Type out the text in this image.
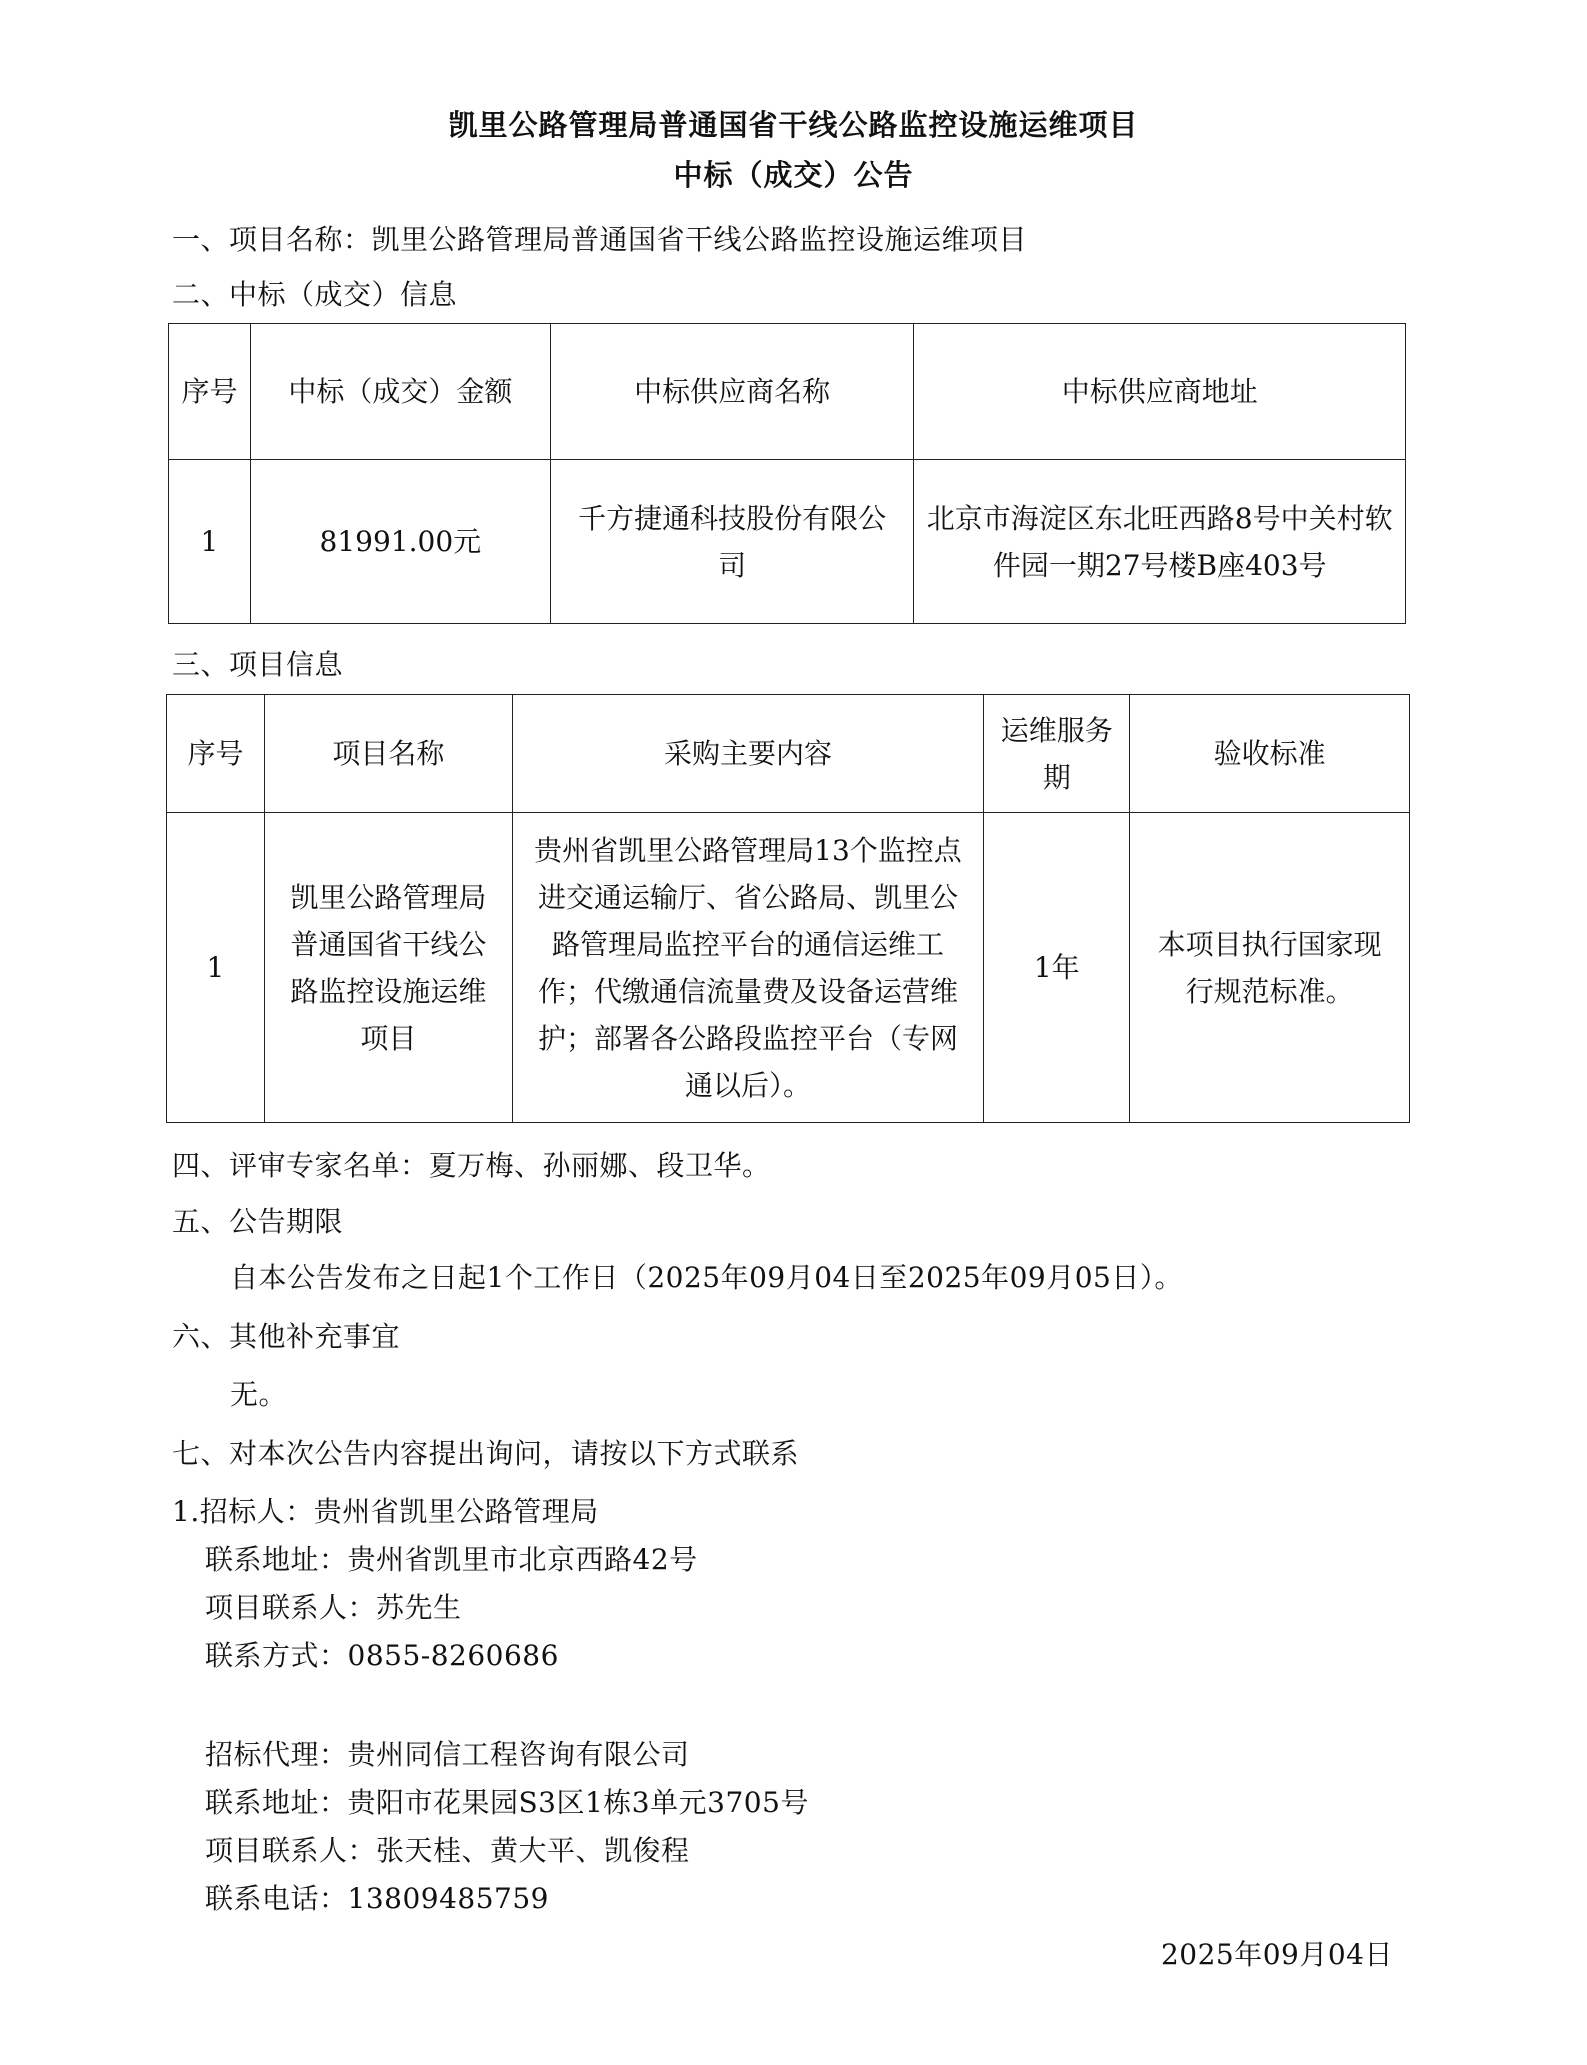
凯里公路管理局普通国省干线公路监控设施运维项目
中标（成交）公告
一、项目名称：凯里公路管理局普通国省干线公路监控设施运维项目
二、中标（成交）信息
序号	中标（成交）金额	中标供应商名称	中标供应商地址
1	81991.00元	千方捷通科技股份有限公司	北京市海淀区东北旺西路8号中关村软件园一期27号楼B座403号
三、项目信息
序号	项目名称	采购主要内容	运维服务期	验收标准
1	凯里公路管理局普通国省干线公路监控设施运维项目	贵州省凯里公路管理局13个监控点进交通运输厅、省公路局、凯里公路管理局监控平台的通信运维工作；代缴通信流量费及设备运营维护；部署各公路段监控平台（专网通以后）。	1年	本项目执行国家现行规范标准。
四、评审专家名单：夏万梅、孙丽娜、段卫华。
五、公告期限
自本公告发布之日起1个工作日（2025年09月04日至2025年09月05日）。
六、其他补充事宜
无。
七、对本次公告内容提出询问，请按以下方式联系
1.招标人：贵州省凯里公路管理局
联系地址：贵州省凯里市北京西路42号
项目联系人：苏先生
联系方式：0855-8260686
招标代理：贵州同信工程咨询有限公司
联系地址：贵阳市花果园S3区1栋3单元3705号
项目联系人：张天桂、黄大平、凯俊程
联系电话：13809485759
2025年09月04日
